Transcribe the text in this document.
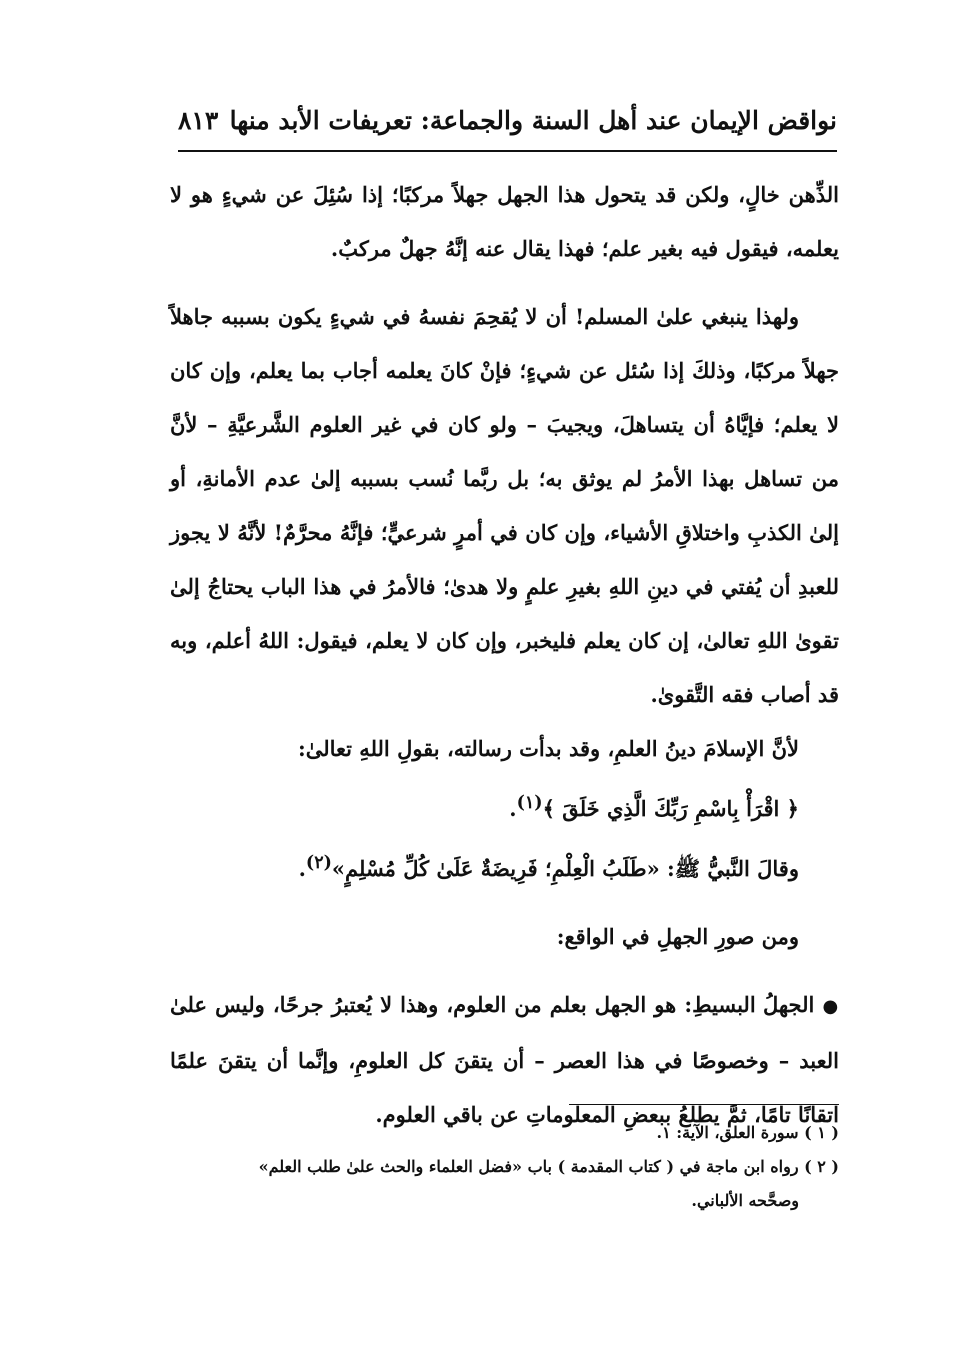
نواقض الإيمان عند أهل السنة والجماعة: تعريفات الأبد منها
٨١٣

الذِّهن خالٍ، ولكن قد يتحول هذا الجهل جهلاً مركبًا؛ إذا سُئِلَ عن شيءٍ هو لا يعلمه، فيقول فيه بغير علم؛ فهذا يقال عنه إنَّهُ جهلٌ مركبٌ.

ولهذا ينبغي علىٰ المسلم! أن لا يُقحِمَ نفسهُ في شيءٍ يكون بسببه جاهلاً جهلاً مركبًا، وذلكَ إذا سُئل عن شيءٍ؛ فإنْ كانَ يعلمه أجاب بما يعلم، وإن كان لا يعلم؛ فإيَّاهُ أن يتساهلَ، ويجيبَ – ولو كان في غير العلوم الشَّرعيَّةِ – لأنَّ من تساهل بهذا الأمرُ لم يوثق به؛ بل ربَّما نُسب بسببه إلىٰ عدم الأمانةِ، أو إلىٰ الكذبِ واختلاقِ الأشياء، وإن كان في أمرٍ شرعيٍّ؛ فإنَّهُ محرَّمٌ! لأنَّهُ لا يجوز للعبدِ أن يُفتي في دينِ اللهِ بغيرِ علمٍ ولا هدىٰ؛ فالأمرُ في هذا الباب يحتاجُ إلىٰ تقوىٰ اللهِ تعالىٰ، إن كان يعلم فليخبر، وإن كان لا يعلم، فيقول: اللهُ أعلم، وبه قد أصاب فقه التَّقوىٰ.

لأنَّ الإسلامَ دينُ العلمِ، وقد بدأت رسالته، بقولِ اللهِ تعالىٰ:

﴿ اقْرَأْ بِاسْمِ رَبِّكَ الَّذِي خَلَقَ ﴾$^{(١)}$.

وقالَ النَّبيُّ ﷺ: «طَلَبُ الْعِلْمِ؛ فَرِيضَةٌ عَلَىٰ كُلِّ مُسْلِمٍ»$^{(٢)}$.

ومن صورِ الجهلِ في الواقع:

● الجهلُ البسيطِ: هو الجهل بعلم من العلوم، وهذا لا يُعتبرُ جرحًا، وليس علىٰ العبد – وخصوصًا في هذا العصر – أن يتقنَ كل العلومِ، وإنَّما أن يتقنَ علمًا اتقانًا تامًا، ثمَّ يطلعُ ببعضِ المعلوماتِ عن باقي العلوم.

( ١ ) سورة العلق، الآية: ١.

( ٢ ) رواه ابن ماجة في ( كتاب المقدمة ) باب «فضل العلماء والحث علىٰ طلب العلم»

وصحَّحه الألباني.
